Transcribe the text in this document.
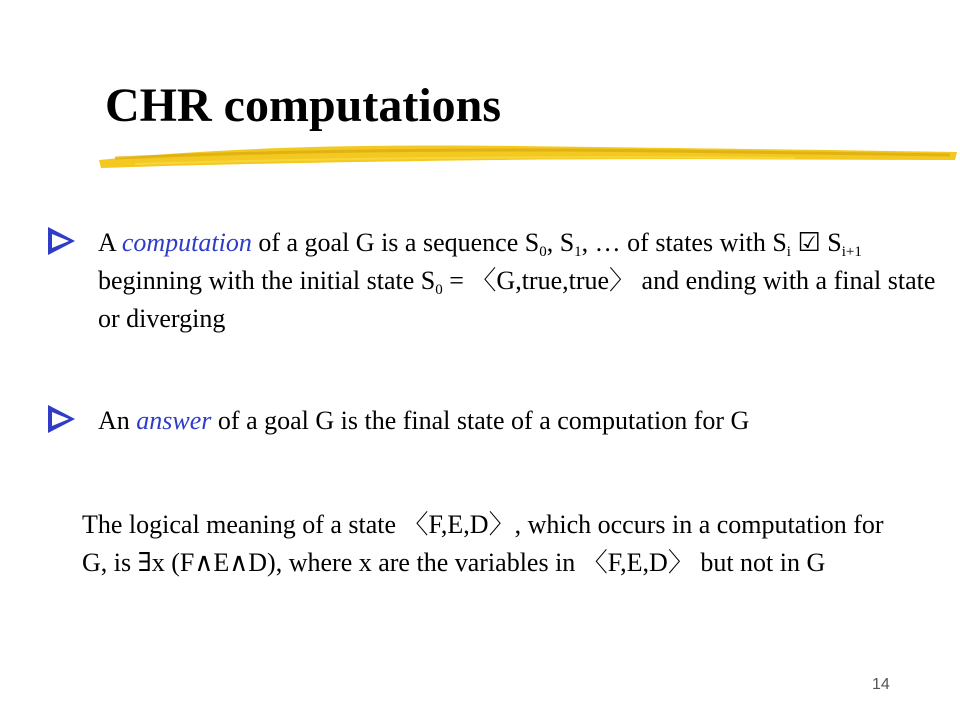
CHR computations
A computation of a goal G is a sequence $S_0$, $S_1$, … of states with $S_i$ ☑ $S_{i+1}$ beginning with the initial state $S_0$ = 〈G,true,true〉 and ending with a final state or diverging
An answer of a goal G is the final state of a computation for G
The logical meaning of a state 〈F,E,D〉, which occurs in a computation for G, is ∃x (F∧E∧D), where x are the variables in 〈F,E,D〉 but not in G
14
